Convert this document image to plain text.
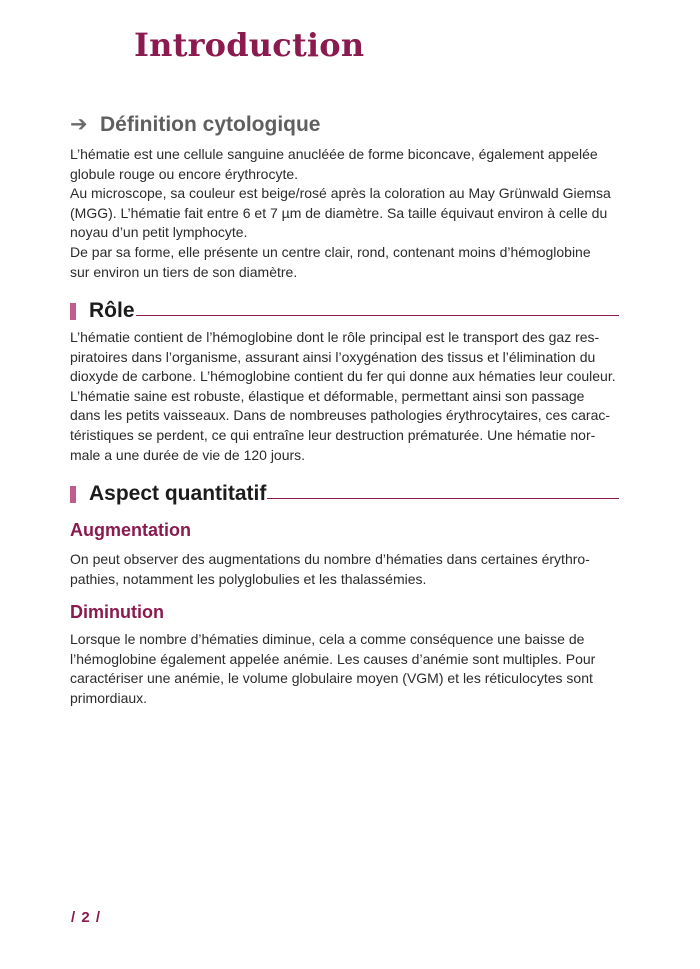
Introduction
➔ Définition cytologique

L’hématie est une cellule sanguine anucléée de forme biconcave, également appelée

globule rouge ou encore érythrocyte.

Au microscope, sa couleur est beige/rosé après la coloration au May Grünwald Giemsa

(MGG). L’hématie fait entre 6 et 7 µm de diamètre. Sa taille équivaut environ à celle du

noyau d’un petit lymphocyte.

De par sa forme, elle présente un centre clair, rond, contenant moins d’hémoglobine

sur environ un tiers de son diamètre.

Rôle

L’hématie contient de l’hémoglobine dont le rôle principal est le transport des gaz res-

piratoires dans l’organisme, assurant ainsi l’oxygénation des tissus et l’élimination du

dioxyde de carbone. L’hémoglobine contient du fer qui donne aux hématies leur couleur.

L’hématie saine est robuste, élastique et déformable, permettant ainsi son passage

dans les petits vaisseaux. Dans de nombreuses pathologies érythrocytaires, ces carac-

téristiques se perdent, ce qui entraîne leur destruction prématurée. Une hématie nor-

male a une durée de vie de 120 jours.

Aspect quantitatif
Augmentation

On peut observer des augmentations du nombre d’hématies dans certaines érythro-

pathies, notamment les polyglobulies et les thalassémies.

Diminution

Lorsque le nombre d’hématies diminue, cela a comme conséquence une baisse de

l’hémoglobine également appelée anémie. Les causes d’anémie sont multiples. Pour

caractériser une anémie, le volume globulaire moyen (VGM) et les réticulocytes sont

primordiaux.

/ 2 /
